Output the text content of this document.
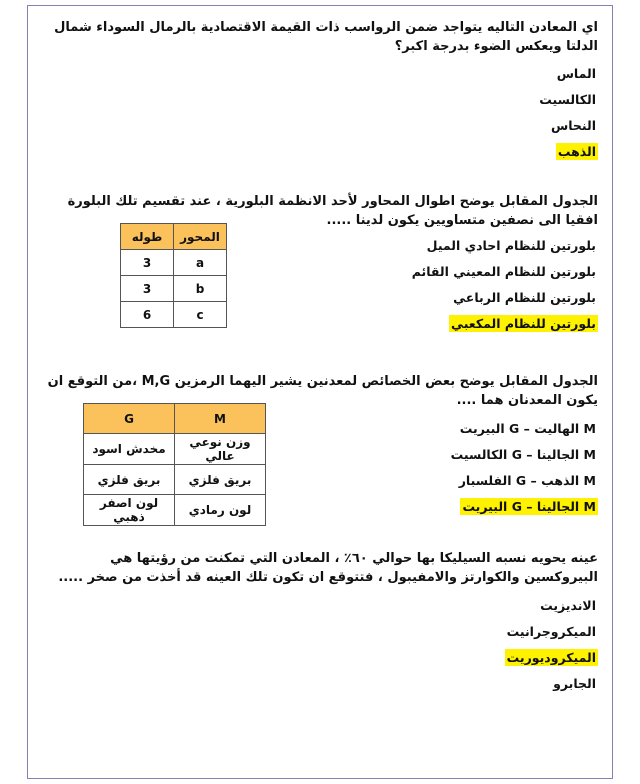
اي المعادن التاليه يتواجد ضمن الرواسب ذات القيمة الاقتصادية بالرمال السوداء شمال الدلتا ويعكس الضوء بدرجة اكبر؟
الماس
الكالسيت
النحاس
الذهب
الجدول المقابل يوضح اطوال المحاور لأحد الانظمة البلورية ، عند تقسيم تلك البلورة افقيا الى نصفين متساويين يكون لدينا .....
بلورتين للنظام احادي الميل
بلورتين للنظام المعيني القائم
بلورتين للنظام الرباعي
بلورتين للنظام المكعبي
المحور	طوله
a	3
b	3
c	6
الجدول المقابل يوضح بعض الخصائص لمعدنين يشير اليهما الرمزين M,G ،من التوقع ان يكون المعدنان هما ....
M الهاليت – G البيريت
M الجالينا – G الكالسيت
M الذهب – G الفلسبار
M الجالينا – G البيريت
M	G
وزن نوعي عالي	مخدش اسود
بريق فلزي	بريق فلزي
لون رمادي	لون اصفر ذهبي
عينه يحويه نسبه السيليكا بها حوالي ٦٠٪ ، المعادن التي تمكنت من رؤيتها هي البيروكسين والكوارتز والامفيبول ، فتتوقع ان تكون تلك العينه قد أخذت من صخر .....
الانديزيت
الميكروجرانيت
الميكروديوريت
الجابرو
